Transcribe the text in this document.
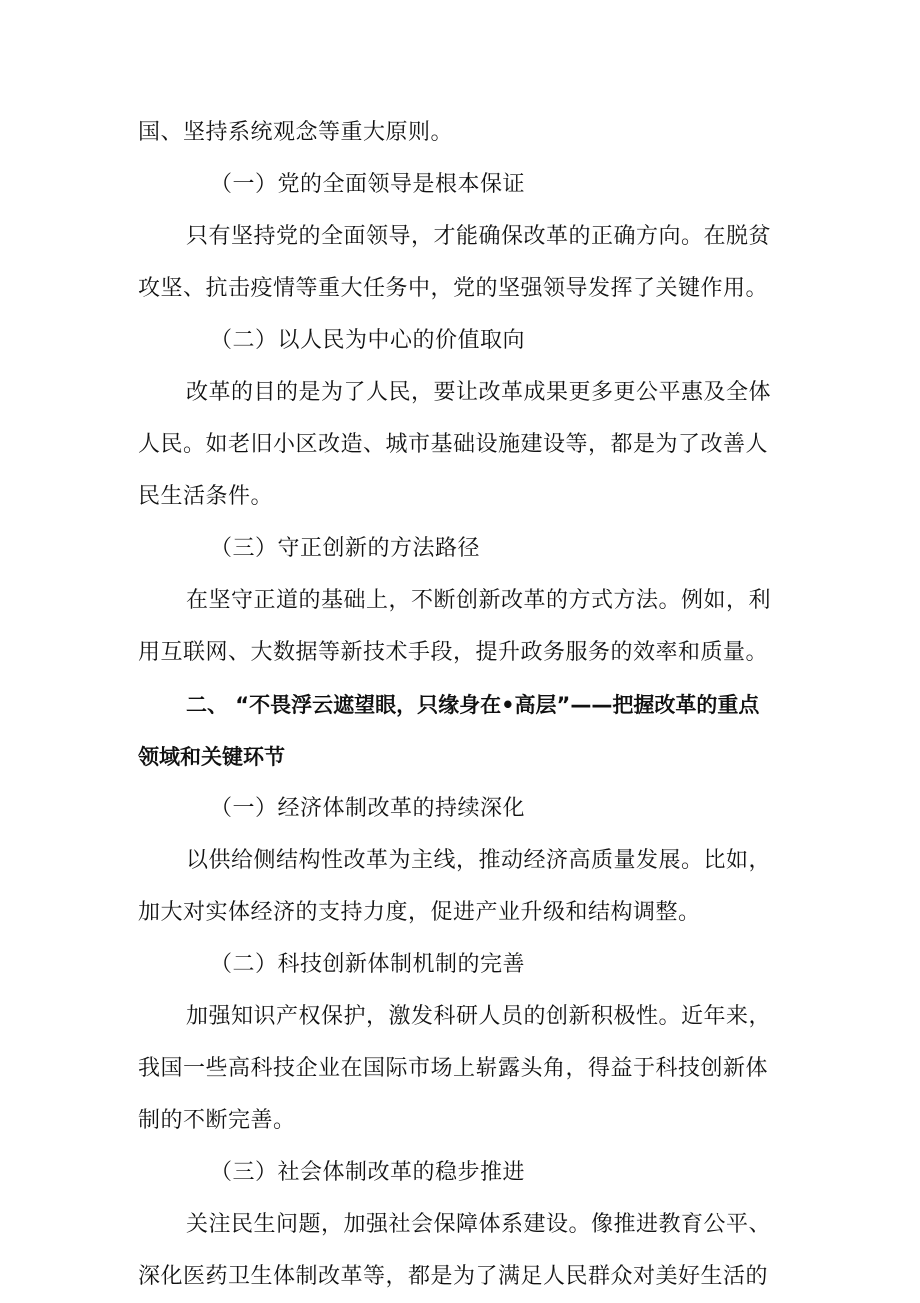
国、坚持系统观念等重大原则。
（一）党的全面领导是根本保证
只有坚持党的全面领导，才能确保改革的正确方向。在脱贫
攻坚、抗击疫情等重大任务中，党的坚强领导发挥了关键作用。
（二）以人民为中心的价值取向
改革的目的是为了人民，要让改革成果更多更公平惠及全体
人民。如老旧小区改造、城市基础设施建设等，都是为了改善人
民生活条件。
（三）守正创新的方法路径
在坚守正道的基础上，不断创新改革的方式方法。例如，利
用互联网、大数据等新技术手段，提升政务服务的效率和质量。
二、 “不畏浮云遮望眼，只缘身在•高层”——把握改革的重点
领域和关键环节
（一）经济体制改革的持续深化
以供给侧结构性改革为主线，推动经济高质量发展。比如，
加大对实体经济的支持力度，促进产业升级和结构调整。
（二）科技创新体制机制的完善
加强知识产权保护，激发科研人员的创新积极性。近年来，
我国一些高科技企业在国际市场上崭露头角，得益于科技创新体
制的不断完善。
（三）社会体制改革的稳步推进
关注民生问题，加强社会保障体系建设。像推进教育公平、
深化医药卫生体制改革等，都是为了满足人民群众对美好生活的
